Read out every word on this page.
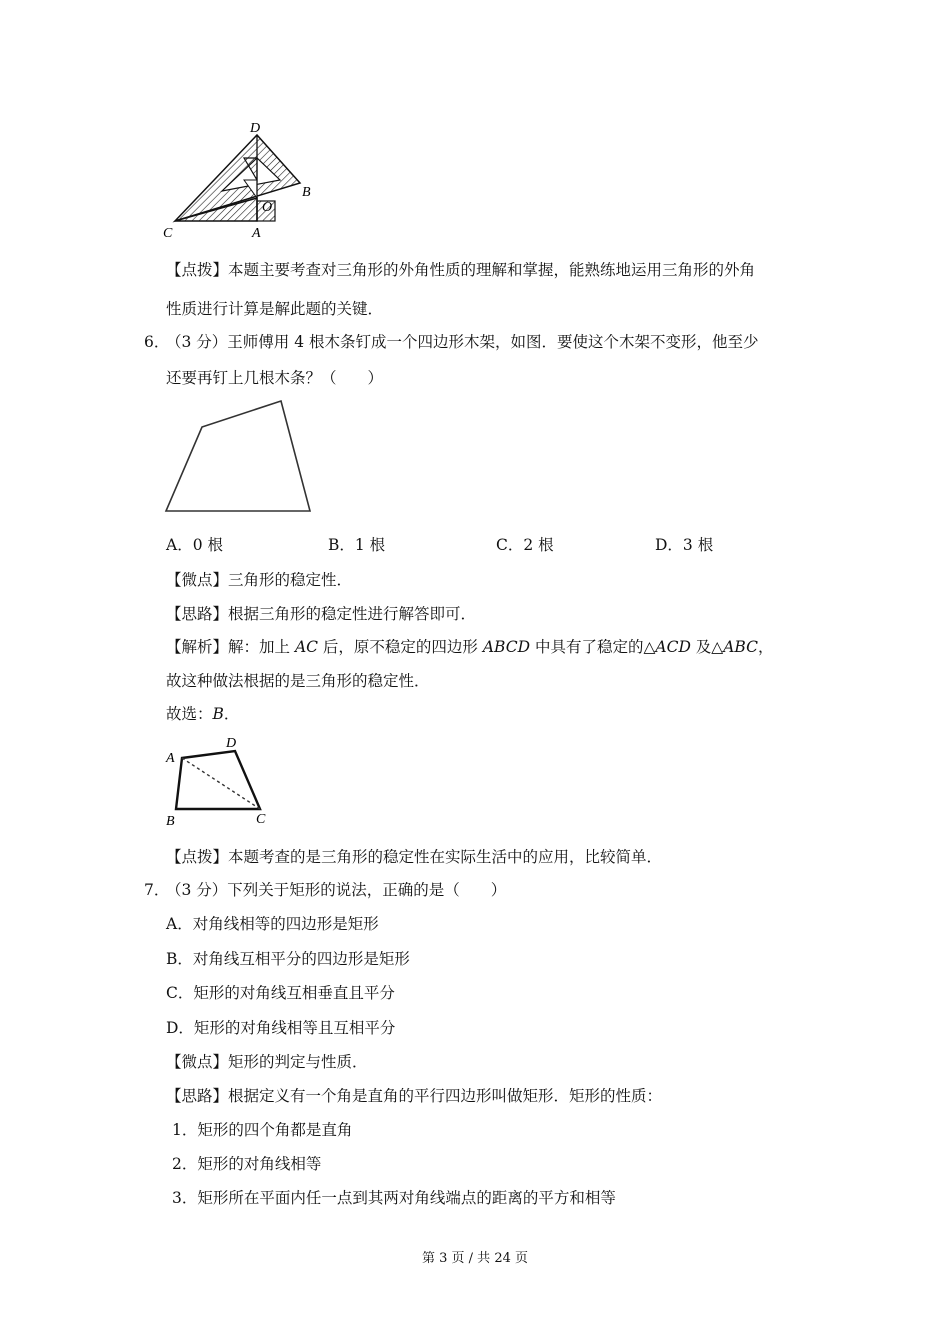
D
B
O
C	A
【点拨】本题主要考查对三角形的外角性质的理解和掌握，能熟练地运用三角形的外角
性质进行计算是解此题的关键．
6．
（3 分）王师傅用 4 根木条钉成一个四边形木架，如图．要使这个木架不变形，他至少
还要再钉上几根木条？（　　）
A．0 根	B．1 根	C．2 根	D．3 根
【微点】三角形的稳定性．
【思路】根据三角形的稳定性进行解答即可．
【解析】解：加上 AC 后，原不稳定的四边形 ABCD 中具有了稳定的△ACD 及△ABC，
故这种做法根据的是三角形的稳定性．
故选：B．
A
D
B	C
【点拨】本题考查的是三角形的稳定性在实际生活中的应用，比较简单．
7．
（3 分）下列关于矩形的说法，正确的是（　　）
A．对角线相等的四边形是矩形
B．对角线互相平分的四边形是矩形
C．矩形的对角线互相垂直且平分
D．矩形的对角线相等且互相平分
【微点】矩形的判定与性质．
【思路】根据定义有一个角是直角的平行四边形叫做矩形．矩形的性质：
1．矩形的四个角都是直角
2．矩形的对角线相等
3．矩形所在平面内任一点到其两对角线端点的距离的平方和相等
第 3 页 / 共 24 页
